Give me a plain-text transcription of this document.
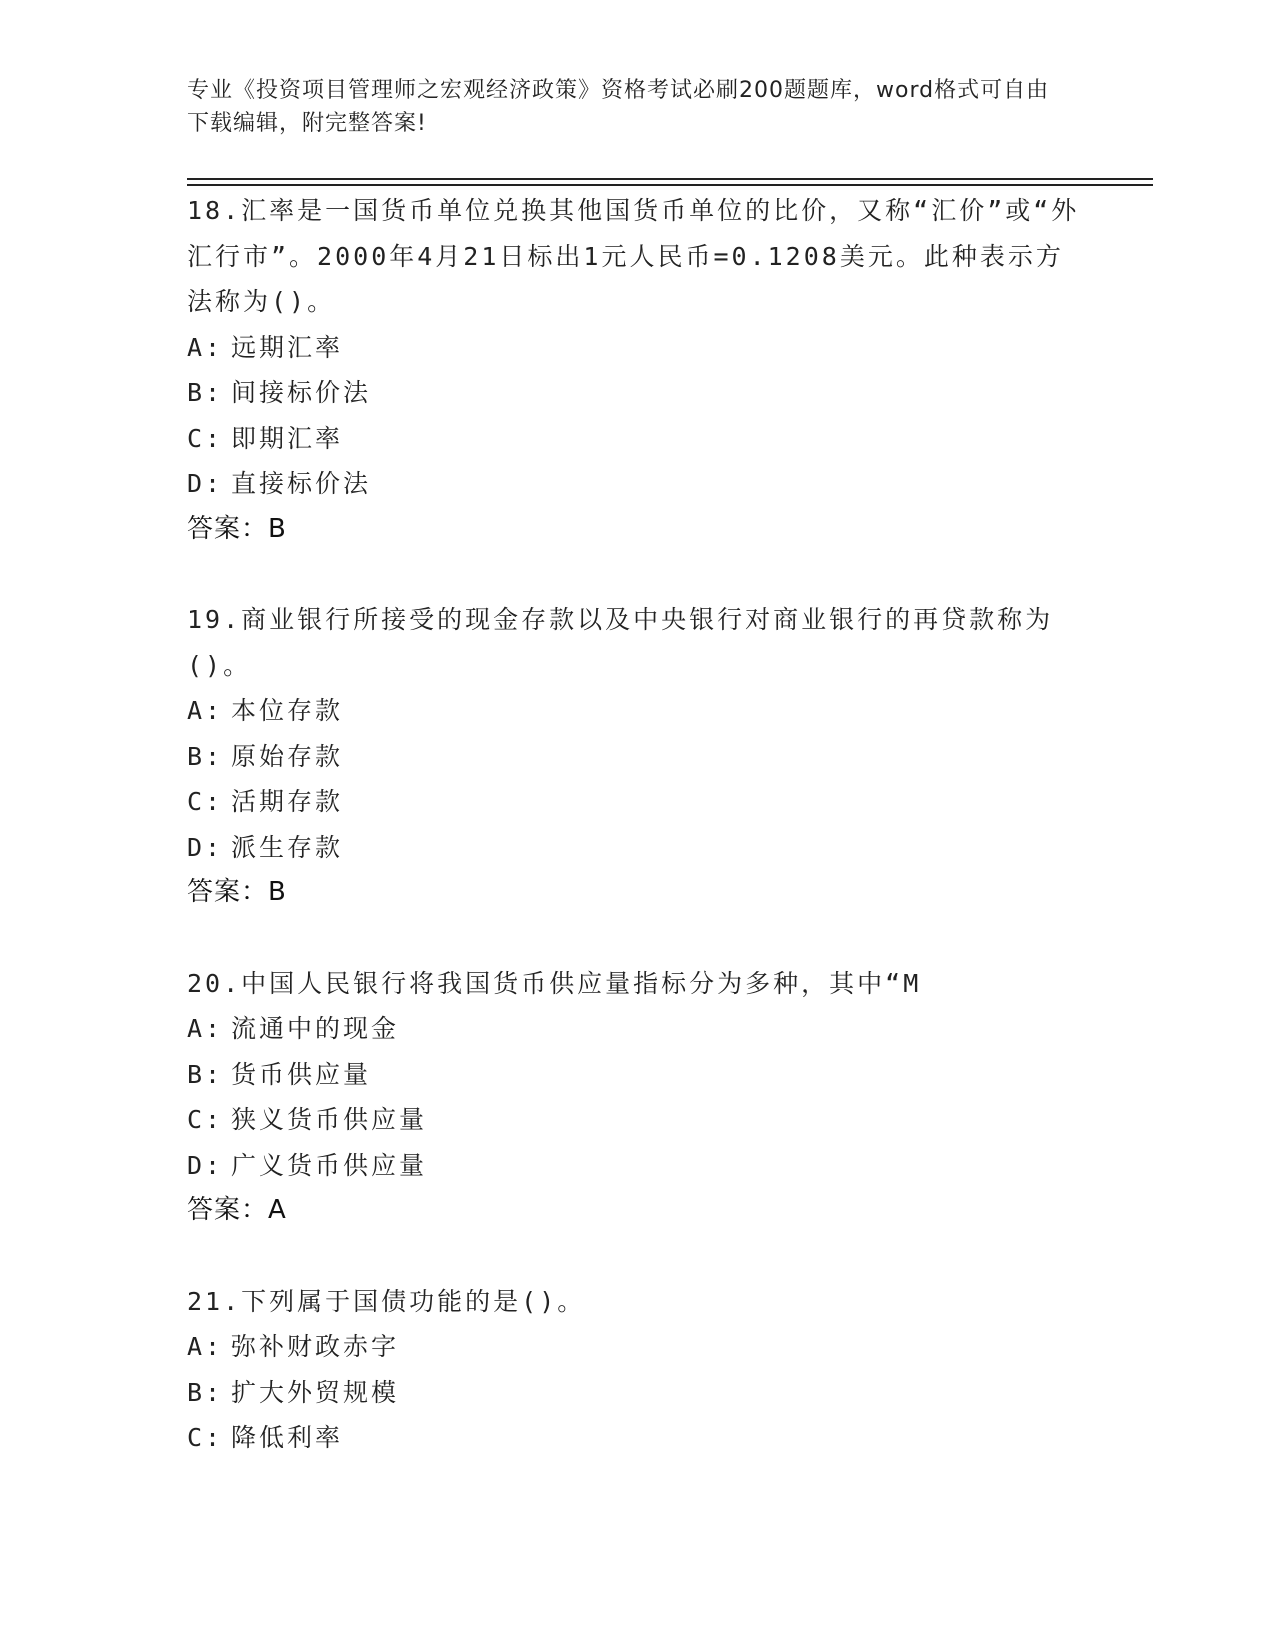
专业《投资项目管理师之宏观经济政策》资格考试必刷200题题库，word格式可自由下载编辑，附完整答案!
18.汇率是一国货币单位兑换其他国货币单位的比价，又称“汇价”或“外汇行市”。2000年4月21日标出1元人民币=0.1208美元。此种表示方法称为()。
A: 远期汇率
B: 间接标价法
C: 即期汇率
D: 直接标价法
答案：B
19.商业银行所接受的现金存款以及中央银行对商业银行的再贷款称为()。
A: 本位存款
B: 原始存款
C: 活期存款
D: 派生存款
答案：B
20.中国人民银行将我国货币供应量指标分为多种，其中“M
A: 流通中的现金
B: 货币供应量
C: 狭义货币供应量
D: 广义货币供应量
答案：A
21.下列属于国债功能的是()。
A: 弥补财政赤字
B: 扩大外贸规模
C: 降低利率
